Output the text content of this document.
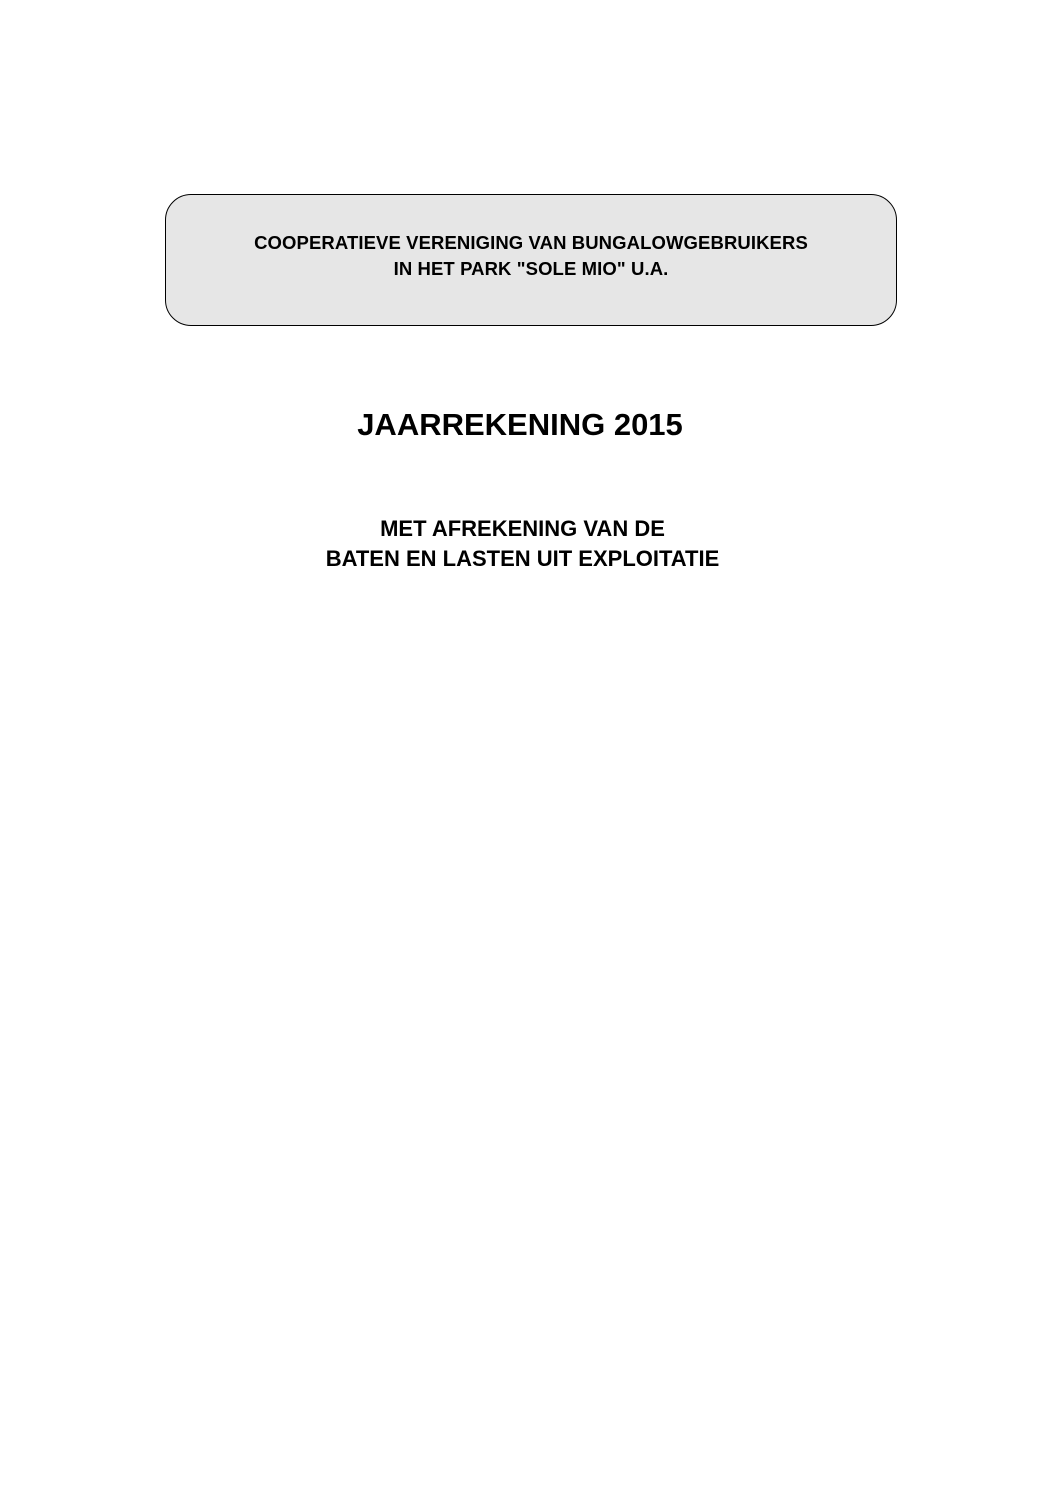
COOPERATIEVE VERENIGING VAN BUNGALOWGEBRUIKERS
IN HET PARK "SOLE MIO" U.A.
JAARREKENING 2015
MET AFREKENING VAN DE
BATEN EN LASTEN UIT EXPLOITATIE
